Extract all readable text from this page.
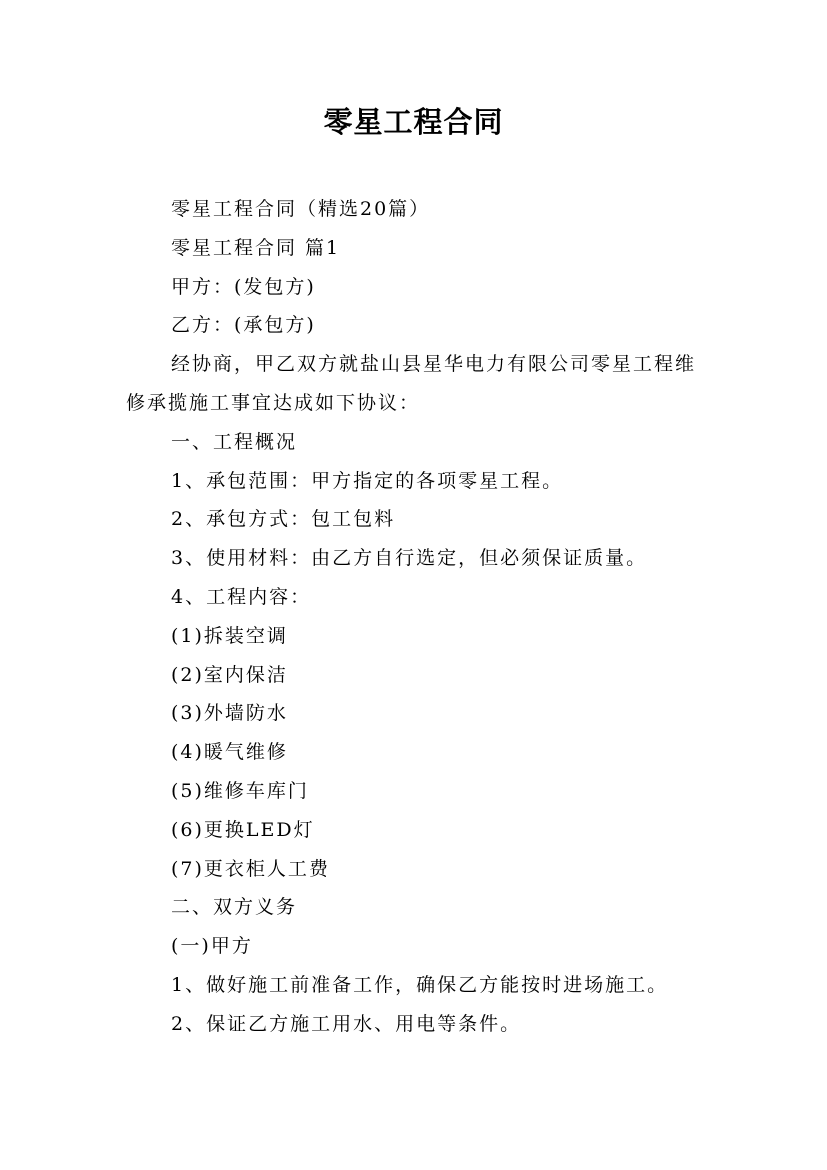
零星工程合同

零星工程合同（精选20篇）

零星工程合同 篇1

甲方：(发包方)

乙方：(承包方)

经协商，甲乙双方就盐山县星华电力有限公司零星工程维修承揽施工事宜达成如下协议：

一、工程概况

1、承包范围：甲方指定的各项零星工程。

2、承包方式：包工包料

3、使用材料：由乙方自行选定，但必须保证质量。

4、工程内容：

(1)拆装空调

(2)室内保洁

(3)外墙防水

(4)暖气维修

(5)维修车库门

(6)更换LED灯

(7)更衣柜人工费

二、双方义务

(一)甲方

1、做好施工前准备工作，确保乙方能按时进场施工。

2、保证乙方施工用水、用电等条件。
